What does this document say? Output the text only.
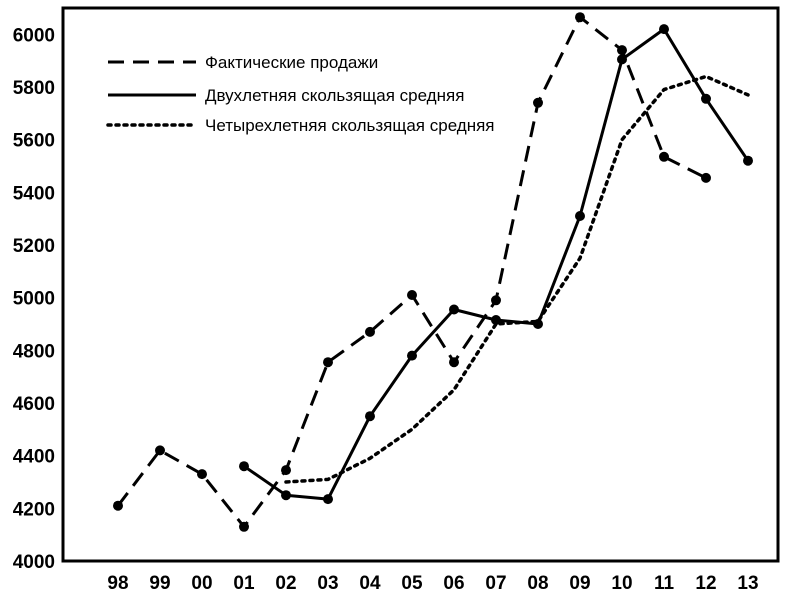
4000
4200
4400
4600
4800
5000
5200
5400
5600
5800
6000
98 99 00 01 02 03 04 05 06 07 08 09 10 11 12 13
Фактические продажи
Двухлетняя скользящая средняя
Четырехлетняя скользящая средняя
